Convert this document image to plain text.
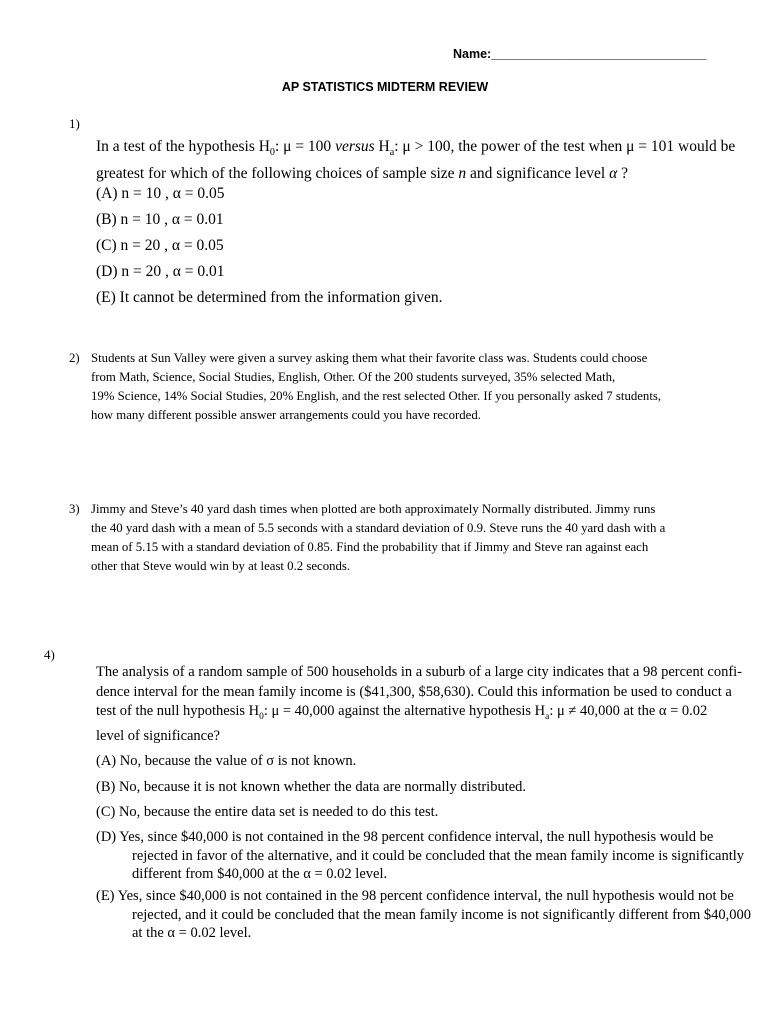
Name:_______________________________
AP STATISTICS MIDTERM REVIEW
1)
In a test of the hypothesis $H_0$: μ = 100 versus $H_a$: μ > 100, the power of the test when μ = 101 would be
greatest for which of the following choices of sample size n and significance level α ?
(A) n = 10 , α = 0.05
(B) n = 10 , α = 0.01
(C) n = 20 , α = 0.05
(D) n = 20 , α = 0.01
(E) It cannot be determined from the information given.
2) Students at Sun Valley were given a survey asking them what their favorite class was. Students could choose
from Math, Science, Social Studies, English, Other. Of the 200 students surveyed, 35% selected Math,
19% Science, 14% Social Studies, 20% English, and the rest selected Other. If you personally asked 7 students,
how many different possible answer arrangements could you have recorded.
3) Jimmy and Steve’s 40 yard dash times when plotted are both approximately Normally distributed. Jimmy runs
the 40 yard dash with a mean of 5.5 seconds with a standard deviation of 0.9. Steve runs the 40 yard dash with a
mean of 5.15 with a standard deviation of 0.85. Find the probability that if Jimmy and Steve ran against each
other that Steve would win by at least 0.2 seconds.
4)
The analysis of a random sample of 500 households in a suburb of a large city indicates that a 98 percent confi-
dence interval for the mean family income is ($41,300, $58,630). Could this information be used to conduct a
test of the null hypothesis $H_0$: μ = 40,000 against the alternative hypothesis $H_a$: μ ≠ 40,000 at the α = 0.02
level of significance?
(A) No, because the value of σ is not known.
(B) No, because it is not known whether the data are normally distributed.
(C) No, because the entire data set is needed to do this test.
(D) Yes, since $40,000 is not contained in the 98 percent confidence interval, the null hypothesis would be
rejected in favor of the alternative, and it could be concluded that the mean family income is significantly
different from $40,000 at the α = 0.02 level.
(E) Yes, since $40,000 is not contained in the 98 percent confidence interval, the null hypothesis would not be
rejected, and it could be concluded that the mean family income is not significantly different from $40,000
at the α = 0.02 level.
